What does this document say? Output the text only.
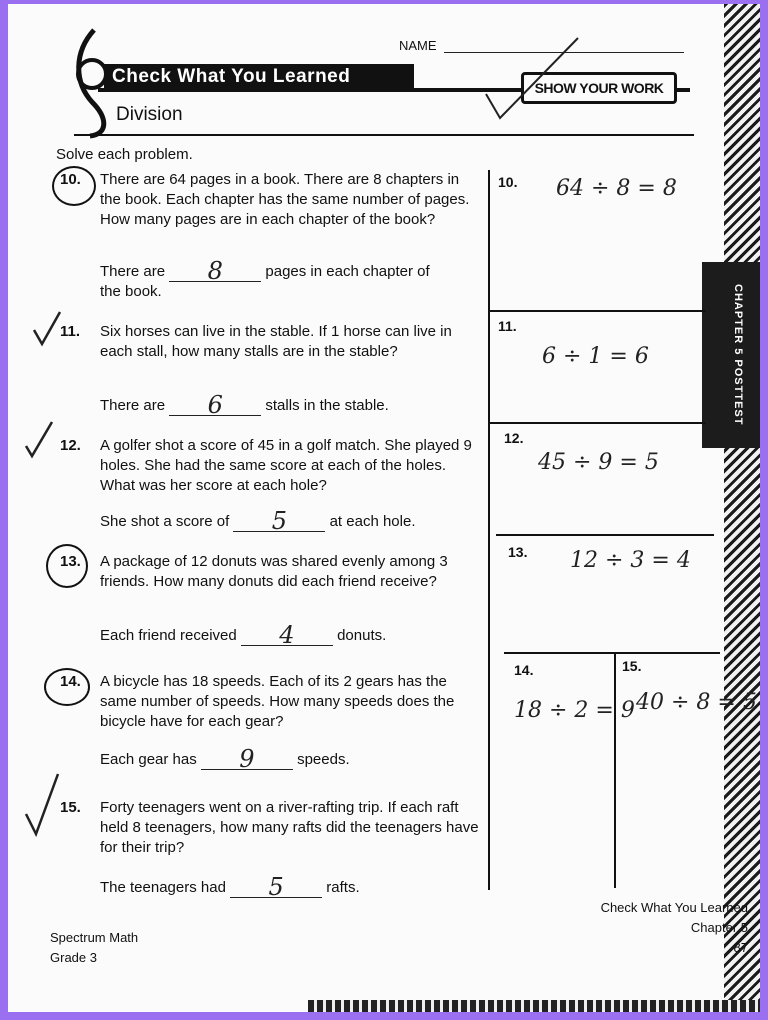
CHAPTER 5 POSTTEST
NAME
Check What You Learned
SHOW YOUR WORK
Division
Solve each problem.
10. There are 64 pages in a book. There are 8 chapters in the book. Each chapter has the same number of pages. How many pages are in each chapter of the book?
There are	8	pages in each chapter of
the book.
11. Six horses can live in the stable. If 1 horse can live in each stall, how many stalls are in the stable?
There are	6	stalls in the stable.
12. A golfer shot a score of 45 in a golf match. She played 9 holes. She had the same score at each of the holes. What was her score at each hole?
She shot a score of	5	at each hole.
13. A package of 12 donuts was shared evenly among 3 friends. How many donuts did each friend receive?
Each friend received	4	donuts.
14. A bicycle has 18 speeds. Each of its 2 gears has the same number of speeds. How many speeds does the bicycle have for each gear?
Each gear has	9	speeds.
15. Forty teenagers went on a river-rafting trip. If each raft held 8 teenagers, how many rafts did the teenagers have for their trip?
The teenagers had	5	rafts.
10. 64 ÷ 8 = 8
11.
6 ÷ 1 = 6
12.
45 ÷ 9 = 5
13. 12 ÷ 3 = 4
14.
18 ÷ 2 = 9
15.
40 ÷ 8 = 5
Spectrum Math
Grade 3
Check What You Learned
Chapter 5
87
